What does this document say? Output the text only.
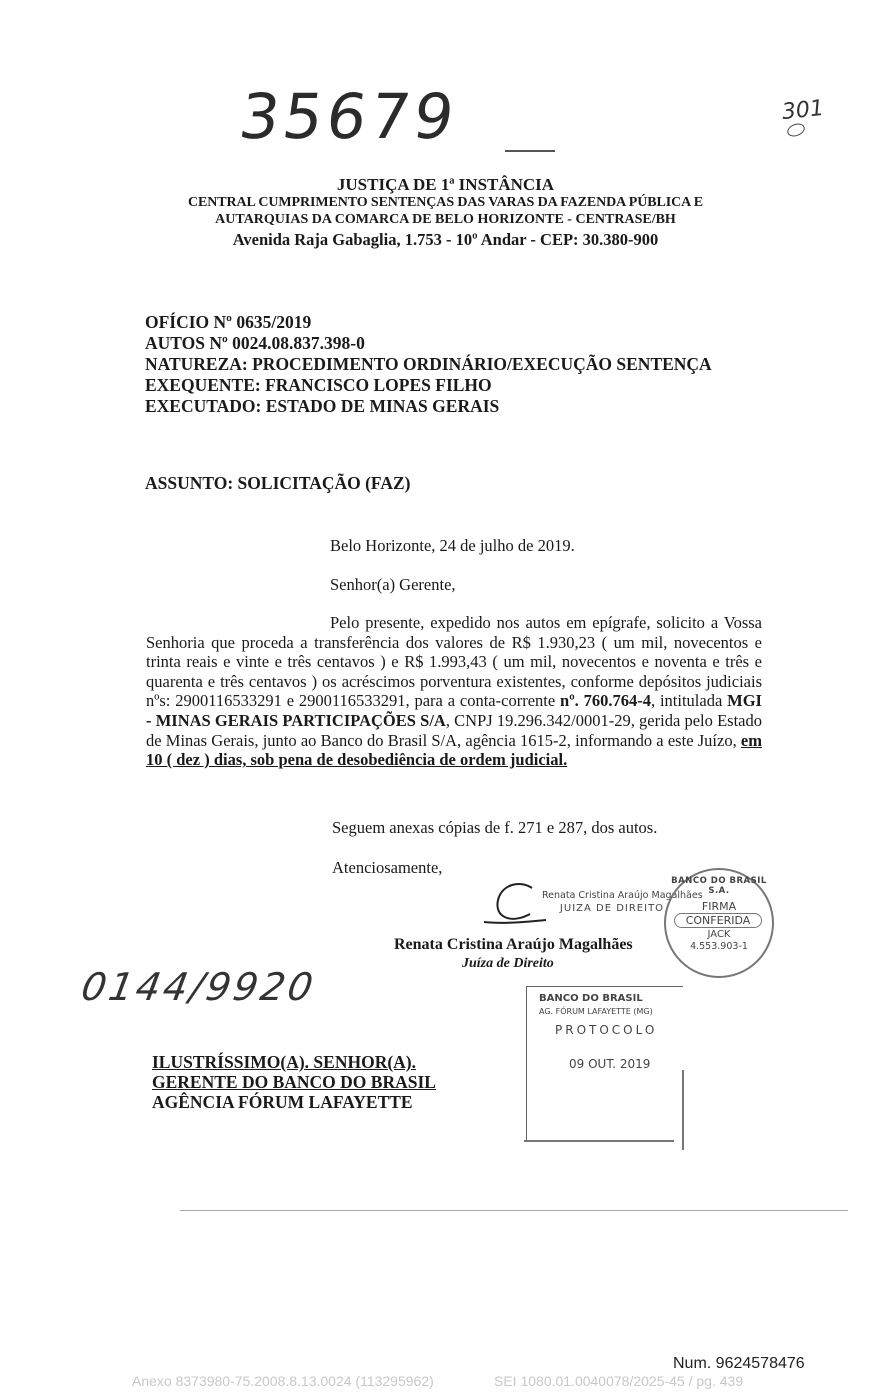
35679	301
JUSTIÇA DE 1ª INSTÂNCIA
CENTRAL CUMPRIMENTO SENTENÇAS DAS VARAS DA FAZENDA PÚBLICA E
AUTARQUIAS DA COMARCA DE BELO HORIZONTE - CENTRASE/BH
Avenida Raja Gabaglia, 1.753 - 10º Andar - CEP: 30.380-900
OFÍCIO Nº 0635/2019
AUTOS Nº 0024.08.837.398-0
NATUREZA: PROCEDIMENTO ORDINÁRIO/EXECUÇÃO SENTENÇA
EXEQUENTE: FRANCISCO LOPES FILHO
EXECUTADO: ESTADO DE MINAS GERAIS
ASSUNTO: SOLICITAÇÃO (FAZ)
Belo Horizonte, 24 de julho de 2019.
Senhor(a) Gerente,
Pelo presente, expedido nos autos em epígrafe, solicito a Vossa Senhoria que proceda a transferência dos valores de R$ 1.930,23 ( um mil, novecentos e trinta reais e vinte e três centavos ) e R$ 1.993,43 ( um mil, novecentos e noventa e três e quarenta e três centavos ) os acréscimos porventura existentes, conforme depósitos judiciais nºs: 2900116533291 e 2900116533291, para a conta-corrente nº. 760.764-4, intitulada MGI - MINAS GERAIS PARTICIPAÇÕES S/A, CNPJ 19.296.342/0001-29, gerida pelo Estado de Minas Gerais, junto ao Banco do Brasil S/A, agência 1615-2, informando a este Juízo, em 10 ( dez ) dias, sob pena de desobediência de ordem judicial.
Seguem anexas cópias de f. 271 e 287, dos autos.
Atenciosamente,
Renata Cristina Araújo Magalhães
JUIZA DE DIREITO
Renata Cristina Araújo Magalhães
Juíza de Direito
BANCO DO BRASIL S.A.
FIRMA
CONFERIDA
JACK
4.553.903-1
0144/9920	BANCO DO BRASIL
AG. FÓRUM LAFAYETTE (MG)
PROTOCOLO
09 OUT. 2019
ILUSTRÍSSIMO(A). SENHOR(A).
GERENTE DO BANCO DO BRASIL
AGÊNCIA FÓRUM LAFAYETTE
Num. 9624578476
Anexo 8373980-75.2008.8.13.0024 (113295962)	SEI 1080.01.0040078/2025-45 / pg. 439
